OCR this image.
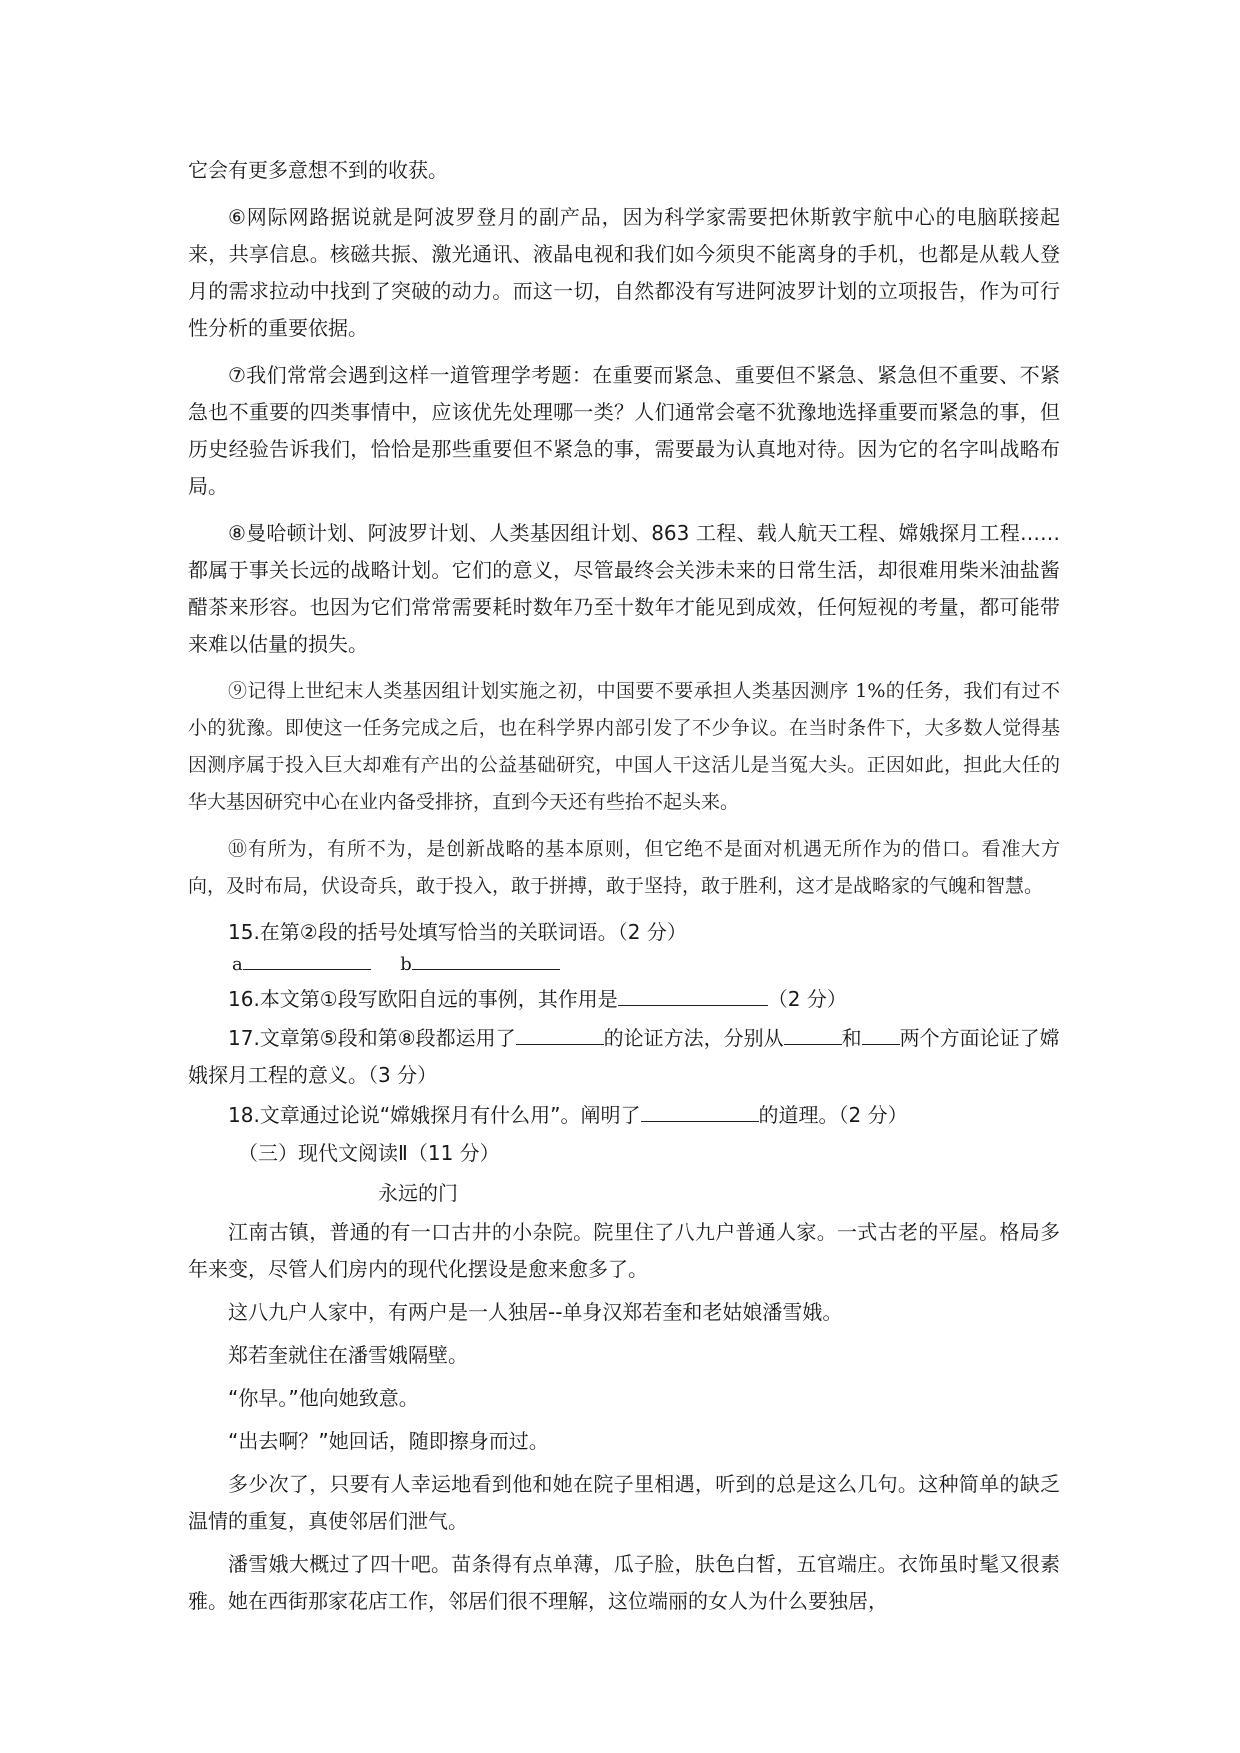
它会有更多意想不到的收获。

⑥网际网路据说就是阿波罗登月的副产品，因为科学家需要把休斯敦宇航中心的电脑联接起来，共享信息。核磁共振、激光通讯、液晶电视和我们如今须臾不能离身的手机，也都是从载人登月的需求拉动中找到了突破的动力。而这一切，自然都没有写进阿波罗计划的立项报告，作为可行性分析的重要依据。

⑦我们常常会遇到这样一道管理学考题：在重要而紧急、重要但不紧急、紧急但不重要、不紧急也不重要的四类事情中，应该优先处理哪一类？人们通常会毫不犹豫地选择重要而紧急的事，但历史经验告诉我们，恰恰是那些重要但不紧急的事，需要最为认真地对待。因为它的名字叫战略布局。

⑧曼哈顿计划、阿波罗计划、人类基因组计划、863 工程、载人航天工程、嫦娥探月工程……都属于事关长远的战略计划。它们的意义，尽管最终会关涉未来的日常生活，却很难用柴米油盐酱醋茶来形容。也因为它们常常需要耗时数年乃至十数年才能见到成效，任何短视的考量，都可能带来难以估量的损失。

⑨记得上世纪末人类基因组计划实施之初，中国要不要承担人类基因测序 1%的任务，我们有过不小的犹豫。即使这一任务完成之后，也在科学界内部引发了不少争议。在当时条件下，大多数人觉得基因测序属于投入巨大却难有产出的公益基础研究，中国人干这活儿是当冤大头。正因如此，担此大任的华大基因研究中心在业内备受排挤，直到今天还有些抬不起头来。

⑩有所为，有所不为，是创新战略的基本原则，但它绝不是面对机遇无所作为的借口。看准大方向，及时布局，伏设奇兵，敢于投入，敢于拼搏，敢于坚持，敢于胜利，这才是战略家的气魄和智慧。

15.在第②段的括号处填写恰当的关联词语。（2 分）

a	b

16.本文第①段写欧阳自远的事例，其作用是	（2 分）

17.文章第⑤段和第⑧段都运用了	的论证方法，分别从	和 两个方面论证了嫦娥探月工程的意义。（3 分）

18.文章通过论说“嫦娥探月有什么用”。阐明了	的道理。（2 分）

（三）现代文阅读Ⅱ（11 分）

永远的门

江南古镇，普通的有一口古井的小杂院。院里住了八九户普通人家。一式古老的平屋。格局多年来变，尽管人们房内的现代化摆设是愈来愈多了。

这八九户人家中，有两户是一人独居--单身汉郑若奎和老姑娘潘雪娥。

郑若奎就住在潘雪娥隔壁。

“你早。”他向她致意。

“出去啊？”她回话，随即擦身而过。

多少次了，只要有人幸运地看到他和她在院子里相遇，听到的总是这么几句。这种简单的缺乏温情的重复，真使邻居们泄气。

潘雪娥大概过了四十吧。苗条得有点单薄，瓜子脸，肤色白皙，五官端庄。衣饰虽时髦又很素雅。她在西街那家花店工作，邻居们很不理解，这位端丽的女人为什么要独居，
